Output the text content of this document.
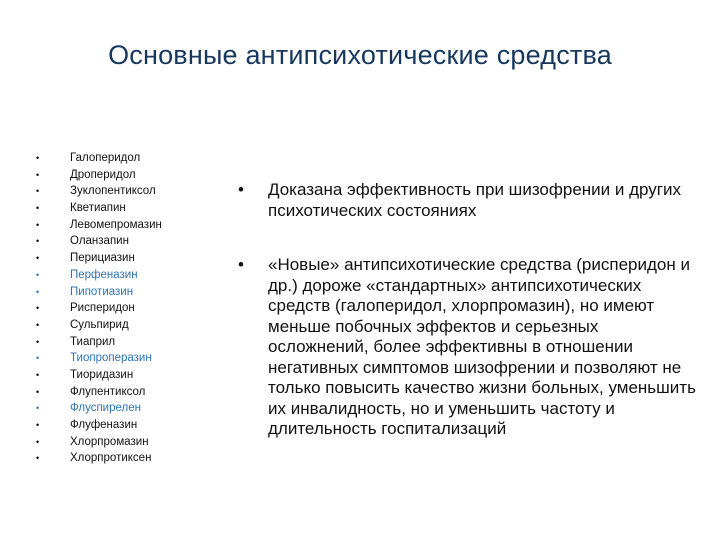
Основные антипсихотические средства
•	Галоперидол
•	Дроперидол
•	Зуклопентиксол
•	Кветиапин
•	Левомепромазин
•	Оланзапин
•	Перициазин
•	Перфеназин
•	Пипотиазин
•	Рисперидон
•	Сульпирид
•	Тиаприл
•	Тиопроперазин
•	Тиоридазин
•	Флупентиксол
•	Флуспирелен
•	Флуфеназин
•	Хлорпромазин
•	Хлорпротиксен
•	Доказана эффективность при шизофрении и других психотических состояниях
•	«Новые» антипсихотические средства (рисперидон и др.) дороже «стандартных» антипсихотических средств (галоперидол, хлорпромазин), но имеют меньше побочных эффектов и серьезных осложнений, более эффективны в отношении негативных симптомов шизофрении и позволяют не только повысить качество жизни больных, уменьшить их инвалидность, но и уменьшить частоту и длительность госпитализаций
